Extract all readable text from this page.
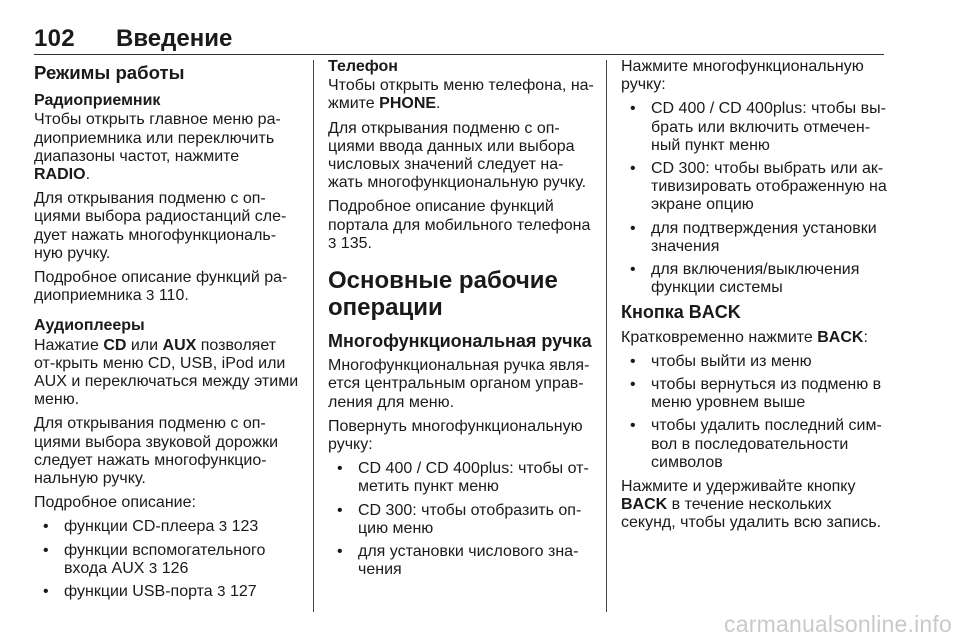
102 Введение
Режимы работы
Радиоприемник

Чтобы открыть главное меню ра-диоприемника или переключить диапазоны частот, нажмите RADIO.

Для открывания подменю с оп-циями выбора радиостанций сле-дует нажать многофункциональ-ную ручку.

Подробное описание функций ра-диоприемника 3 110.

Аудиоплееры

Нажатие CD или AUX позволяет от-крыть меню CD, USB, iPod или AUX и переключаться между этими меню.

Для открывания подменю с оп-циями выбора звуковой дорожки следует нажать многофункцио-нальную ручку.

Подробное описание:

• функции CD-плеера 3 123
• функции вспомогательного входа AUX 3 126
• функции USB-порта 3 127
Телефон

Чтобы открыть меню телефона, на-жмите PHONE.

Для открывания подменю с оп-циями ввода данных или выбора числовых значений следует на-жать многофункциональную ручку.

Подробное описание функций портала для мобильного телефона 3 135.

Основные рабочие операции
Многофункциональная ручка

Многофункциональная ручка явля-ется центральным органом управ-ления для меню.

Повернуть многофункциональную ручку:

• CD 400 / CD 400plus: чтобы от-метить пункт меню
• CD 300: чтобы отобразить оп-цию меню
• для установки числового зна-чения

Нажмите многофункциональную ручку:

• CD 400 / CD 400plus: чтобы вы-брать или включить отмечен-ный пункт меню
• CD 300: чтобы выбрать или ак-тивизировать отображенную на экране опцию
• для подтверждения установки значения
• для включения/выключения функции системы
Кнопка BACK

Кратковременно нажмите BACK:

• чтобы выйти из меню
• чтобы вернуться из подменю в меню уровнем выше
• чтобы удалить последний сим-вол в последовательности символов

Нажмите и удерживайте кнопку BACK в течение нескольких секунд, чтобы удалить всю запись.

carmanualsonline.info
